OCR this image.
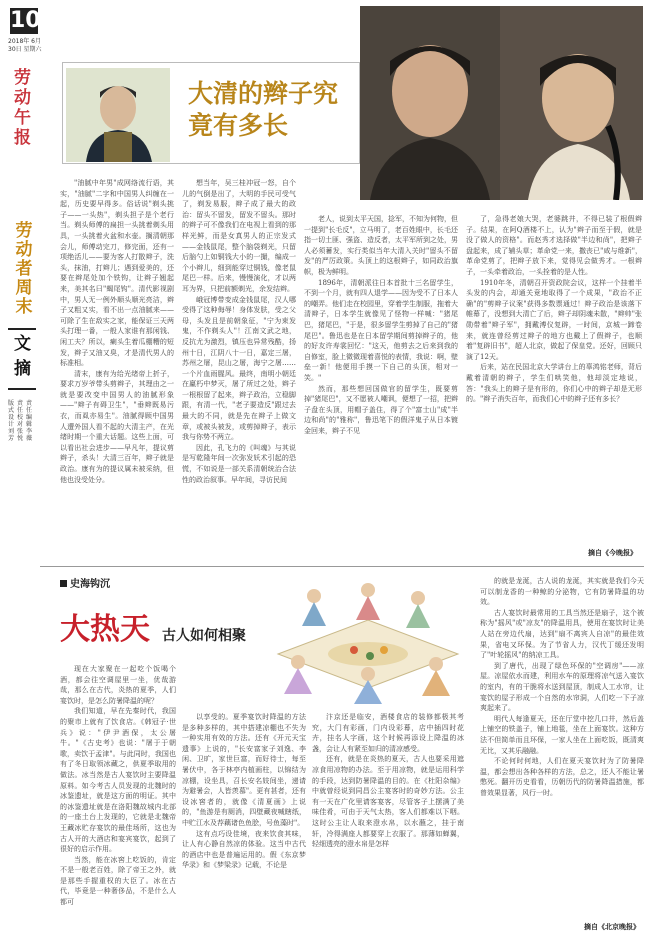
10
2018年 6月30日 星期六
劳动午报
劳动者周末
文摘
版式设计 刘芳责任校对 张悦责任编辑 李薇
大清的辫子究竟有多长

"油腻中年男"成网络流行语，其实，"油腻"二字和中国男人纠缠在一起，历史要早得多。俗话说"剃头挑子——一头热"，剃头担子是个老行当。剃头师傅的扁担一头挑着剃头用具，一头挑着火盆和水壶。搁清朝那会儿，师傅动完刀，修完面，还有一项绝活儿——要为客人打散辫子，洗头，抹油，打辫儿；遇到爱美的，还要在辫尾处加个铁钩，让辫子翘起来，美其名曰"蝎尾钩"。清代影视剧中，男人无一例外顺头顺光亮洁，辫子又粗又实，看不出一点油腻来——可除了生在敌实之家，能保证三天两头打理一番，一般人家谁有那闲钱、闲工夫？所以，瘌头生着瓜棚糟的短发，辫子又油又臭，才是清代男人的标准相。

清末，康有为给光绪帝上折子，要求万岁爷带头剪辫子，其理由之一就是要改变中国男人的油腻形象——"辫子有碍卫生"，"垂辫既易污衣，而虱亦易生"。油腻得顾中国男人遭外国人看不起的大清主产，在光绪时期一个重大话题。这些上面，可以看出社会进步——早凡年，提议剪辫子，杀头！大清三百年，辫子就是政治。康有为的提议属未被采纳，但他也没受处分。

想当年，吴三桂冲冠一怒，自个儿的气倒是出了，大明的手民可受气了，剃发易服，辫子成了最大的政治：留头不留发，留发不留头。那时的辫子可不像我们在电视上看到的那样光鲜，而是女真男人的正宗发式——金钱鼠尾，整个脑袋剃光，只留后脑勺上如铜钱大小的一撮，编成一个小辫儿，细到能穿过铜钱，像老鼠尾巴一样。后来，慢慢演化，才以两耳为界，只把前额剃光，余发结辫。

峨冠博带变成金钱鼠尾，汉人哪受得了这种侮辱！身体发肤，受之父母，头发且是前朝象征，"宁为束发鬼，不作剃头人"！江南文武之地，反抗尤为激烈，镇压也异常残酷，扬州十日，江阴八十一日，嘉定三屠，苏州之屠，昆山之屠，海宁之屠……一个片血雨腥风。最终，南明小朝廷在羸朽中梦灭，屠了所过之处，辫子一根根留了起来，辫子政治，立稳脚跟，有清一代，"老子要造反"跟过去最大的不同，就是先在辫子上做文章，或被头被发，或剪掉辫子，表示我与你势不两立。

因此，孔飞力的《叫魂》与其说是写乾隆年间一次弥发妖术引起的恐慌，不如说是一部关系清朝统治合法性的政治叙事。早年间，寻访民间

老人，说到太平天国，捻军，不知为何物，但一提到"长毛反"，立马明了，老百姓眼中，长毛还指一切土匪、强盗、造反者，太平军所到之处，男人必须蓄发，实行类似当年大清入关时"留头不留发"的严厉政策。头顶上的这根辫子，如同政治旗帜，极为鲜明。

1896年，清朝派往日本首批十三名留学生，不到一个月，就有四人退学——因为受不了日本人的嘲弄。他们走在校园里，穿着学生制服，拖着大清辫子，日本学生就像见了怪物一样喊："猪尾巴，猪尾巴，"于是，很多留学生剪掉了自己的"猪尾巴"。鲁迅也是在日本留学期间剪掉辫子的，他的好友许寿裳回忆："这天，他剪去之后来到我的自修室，脸上微微现着喜悦的表情，我说：啊，壁垒一新！他便用手摸一下自己的头顶，相对一笑。"

然而，那些想回国做官的留学生，既要剪掉"猪尾巴"，又不愿被人嘲讽，便想了一招，把辫子盘在头顶，用帽子盖住，得了个"富士山"成"半边和尚"的"雅称"，鲁迅笔下的假洋鬼子从日本镀金回来，辫子不见

了，急得老娘大哭，老婆跳井，不得已装了根假辫子。结果，在阿Q酒楼不上，认为"辫子而至于假，就是没了做人的资格"。而赵秀才选择做"半边和尚"，把辫子盘起来，成了辅头草；革命党一来，撒丧已"咸与维新"，革命党剪了，把辫子放下来，觉得见会做秀才。一根辫子，一头牵着政治，一头拴着的是人性。

1910年冬，清朝召开资政院会议，这样一个挂着半头发的内会，却通关竟地取得了一个成果，"政治不正确"的"剪辫子议案"获得多数票通过！辫子政治是该落下帷幕了，没想到大清亡了后，辫子却阴魂未散，"辫帅"张勋带着"辫子军"，拥戴溥仪复辟，一时间，京城一蹄卷来，就连曾经剪过辫子的地方也戴上了假辫子，也顺着"复辟旧书"，超人北京，做起了保皇党。还好，回顾只演了12天。

后来，站在民国北京大学讲台上的辜鸿铭老师，背后戴着清朝的辫子，学生们哄笑他，他却淡定地说，答："我头上的辫子是有形的，你们心中的辫子却是无形的。"辫子消失百年，而我们心中的辫子还有多长？

摘自《今晚报》
史海钩沉
大热天 古人如何相聚

现在大家聚在一起吃个饭喝个酒，都会往空调屋里一坐，优哉游哉，那么在古代，炎热的夏季，人们宴饮时，是怎么防暑降温的呢？

我们知道，早在先秦时代，我国的聚市上就有了饮食店。《韩冠子·世兵》说："伊尹酒保，太公屠牛。"《古史考》也说："屠于于朝歌，卖饮于孟津"。与此同时，我国也有了冬日取领冰藏之，供夏季取用的做法。冰当然是古人宴饮时主要降温原料。如今考古人员发现的北魏时的冰鉴遗址，就是这方面的明证。其中的冰鉴遗址就是在洛阳魏故城内北部的一座土台上发现的，它就是北魏帝王藏冰贮存宴饮的最佳场所，这也为古人开的大酒店和宴宾宴饮，起到了很好的启示作用。

当然，能在冰窖上吃饭的，肯定不是一般老百姓，除了帝王之外，就是那些手握重权的大臣了。冰在古代，毕竟是一种奢侈品，不是什么人都可

以享受的。夏季宴饮时降温的方法是多种多样的，其中搭建凉棚也不失为一种实用有效的方法。还有《开元天宝遗事》上说的，"长安富家子刘逸、李闲、卫旷，家世巨富，而好待士，每至暑伏中，各于林亭内植画柱，以锦结为凉棚，设坐具，召长安名妓间坐，递请为避暑会，人皆羡慕"。更有甚者，还有设冰窖者的，就像《清夏画》上说的，"鱼游是有厕消，四壁藏夜喊瞎纸，中贮江水及荐藕诸色鱼脍，号鱼藻时"。

这有点巧设佳境，夜来饮食其味，让人有心静自然凉的体验。这当中古代的酒店中也是普遍运用的。假《东京梦华录》和《梦梁录》记载，不论是

汴京还是临安，酒楼食店的装修都极其考究，大门有彩画，门内设彩幕，店中插四时花卉，挂名人字画，这个时候再添设上降温的冰盏，会让人有紧至如归的清凉感受。

还有，就是在炎热的夏天，古人也要采用遮凉食用凉物的办法。至于用凉物，就是运用科学的手段，达到防暑降温的目的。在《杜阳杂编》中就曾经说到同昌公主宴客时的奇妙方法。公主有一天在广化里请客宴客，尽管客子上摆满了美味佳肴，可由于天气太热，客人们都难以下咽。这时公主让人取来澄水帛，以水蘸之，挂于南轩，冷得满座人都要穿上衣服了。那薄如蝉翼，轻细透亮的澄水帛是怎样

的就是龙涎，古人说的龙涎，其实就是我们今天可以制龙香的一种鲸的分泌物，它有防暑降温的功效。

古人宴饮时最常用的工具当然还是扇子，这个被称为"摇风"或"凉友"的降温用具，使用在宴饮时让美人站在旁边代扇，达到"扇不离宾人自凉"的最佳效果，省电又环保。为了节省人力，汉代丁缓还发明了"叶轮摇风"的纳凉工具。

到了唐代，出现了绿色环保的"空调房"——凉屋。凉屋依水而建，利用水车的原理将凉气送入宴饮的室内，有的干脆将水送到屋顶，制成人工水帘，让宴饮的屋子形成一个自然的水帘洞，人们吃一下子凉爽起来了。

明代人每逢夏天，还在厅堂中挖几口井，然后盖上铺空的铁盖子，铺上地毯，坐在上面宴饮。这种方法不但简单而且环保，一家人坐在上面吃饭，既清爽无比，又其乐融融。

不论何时何地，人们在夏天宴饮时为了防暑降温，都会想出各种各样的方法，总之，还人不能让暑憋死。翻开历史看看，历朝历代的防暑降温措施，都曾效果显著，风行一时。

摘自《北京晚报》
